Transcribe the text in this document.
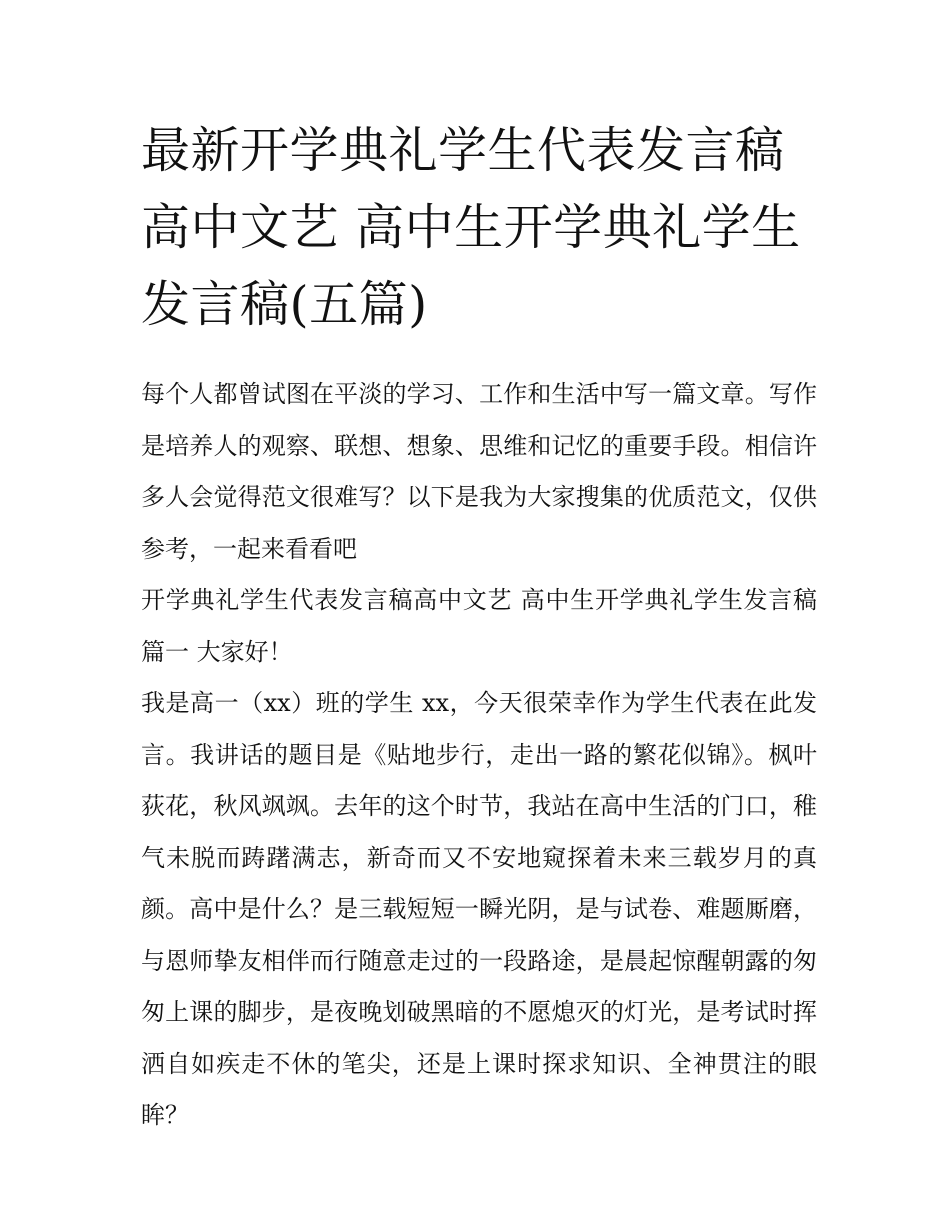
最新开学典礼学生代表发言稿高中文艺 高中生开学典礼学生发言稿(五篇)

每个人都曾试图在平淡的学习、工作和生活中写一篇文章。写作是培养人的观察、联想、想象、思维和记忆的重要手段。相信许多人会觉得范文很难写？以下是我为大家搜集的优质范文，仅供参考，一起来看看吧

开学典礼学生代表发言稿高中文艺 高中生开学典礼学生发言稿篇一 大家好！

我是高一（xx）班的学生 xx，今天很荣幸作为学生代表在此发言。我讲话的题目是《贴地步行，走出一路的繁花似锦》。枫叶荻花，秋风飒飒。去年的这个时节，我站在高中生活的门口，稚气未脱而踌躇满志，新奇而又不安地窥探着未来三载岁月的真颜。高中是什么？是三载短短一瞬光阴，是与试卷、难题厮磨，与恩师挚友相伴而行随意走过的一段路途，是晨起惊醒朝露的匆匆上课的脚步，是夜晚划破黑暗的不愿熄灭的灯光，是考试时挥洒自如疾走不休的笔尖，还是上课时探求知识、全神贯注的眼眸？
